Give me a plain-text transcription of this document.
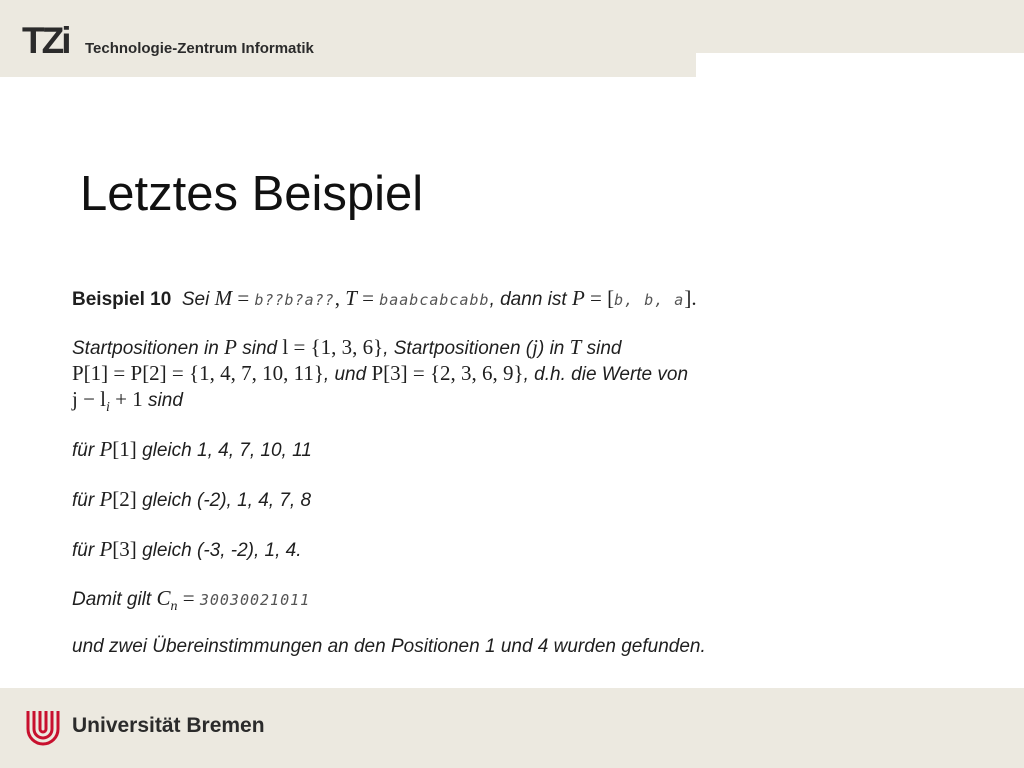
TZi Technologie-Zentrum Informatik
Letztes Beispiel
Beispiel 10 Sei M = b??b?a??, T = baabcabcabb, dann ist P = [b, b, a].
Startpositionen in P sind l = {1, 3, 6}, Startpositionen (j) in T sind
P[1] = P[2] = {1, 4, 7, 10, 11}, und P[3] = {2, 3, 6, 9}, d.h. die Werte von
$j - l_i + 1$ sind
für P[1] gleich 1, 4, 7, 10, 11
für P[2] gleich (-2), 1, 4, 7, 8
für P[3] gleich (-3, -2), 1, 4.
Damit gilt $C_n = 30030021011$
und zwei Übereinstimmungen an den Positionen 1 und 4 wurden gefunden.
Universität Bremen
